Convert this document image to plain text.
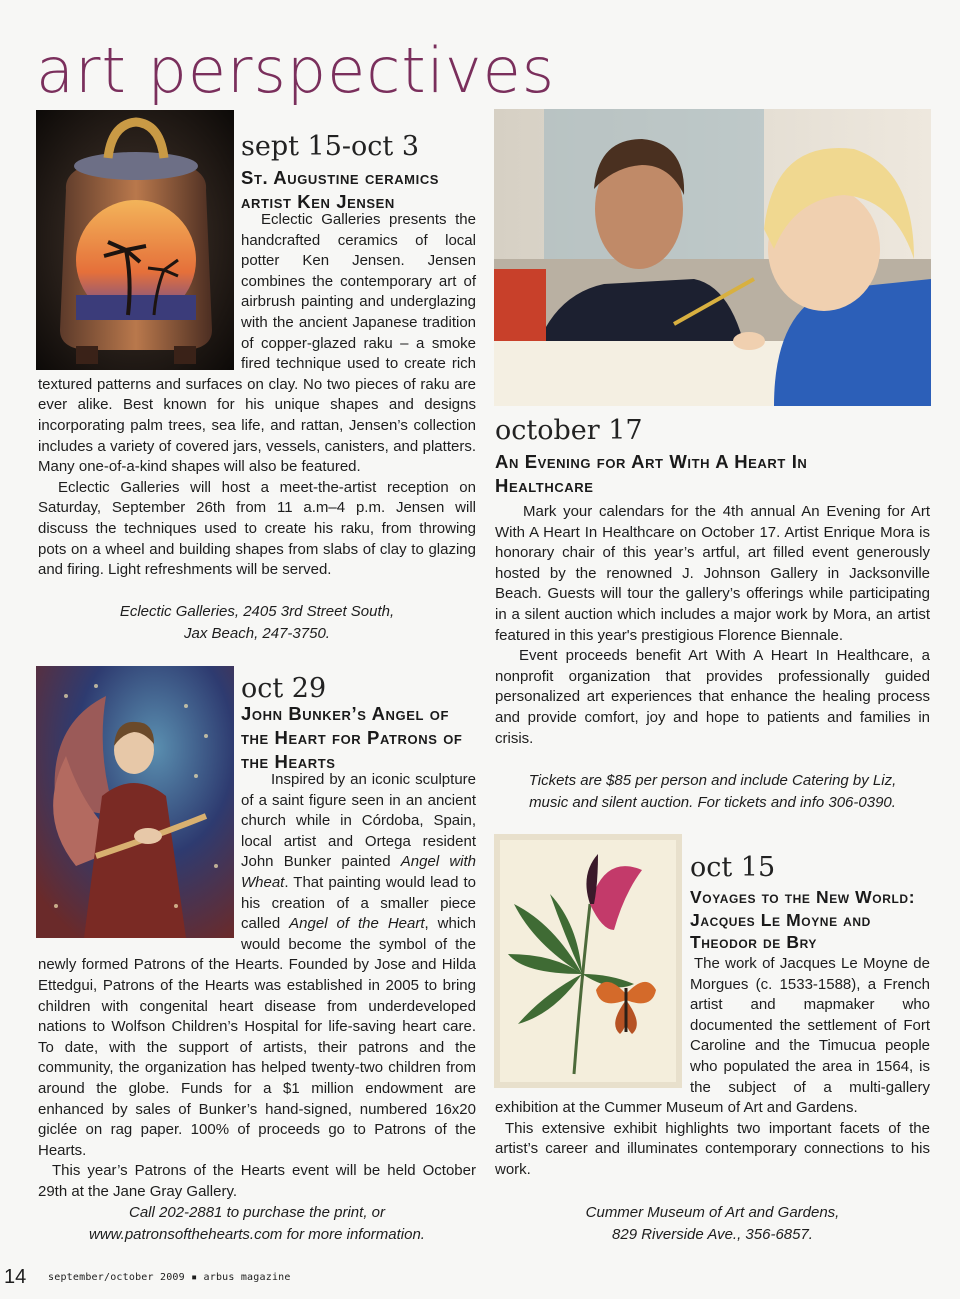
art perspectives
sept 15-oct 3
St. Augustine ceramics artist Ken Jensen

Eclectic Galleries presents the handcrafted ceramics of local potter Ken Jensen. Jensen combines the contemporary art of airbrush painting and underglazing with the ancient Japanese tradition of copper-glazed raku – a smoke fired technique used to create rich textured patterns and surfaces on clay. No two pieces of raku are ever alike. Best known for his unique shapes and designs incorporating palm trees, sea life, and rattan, Jensen’s collection includes a variety of covered jars, vessels, canisters, and platters. Many one-of-a-kind shapes will also be featured.

Eclectic Galleries will host a meet-the-artist reception on Saturday, September 26th from 11 a.m–4 p.m. Jensen will discuss the techniques used to create his raku, from throwing pots on a wheel and building shapes from slabs of clay to glazing and firing. Light refreshments will be served.

Eclectic Galleries, 2405 3rd Street South,
Jax Beach, 247-3750.
oct 29
John Bunker’s Angel of the Heart for Patrons of the Hearts

Inspired by an iconic sculpture of a saint figure seen in an ancient church while in Córdoba, Spain, local artist and Ortega resident John Bunker painted Angel with Wheat. That painting would lead to his creation of a smaller piece called Angel of the Heart, which would become the symbol of the newly formed Patrons of the Hearts. Founded by Jose and Hilda Ettedgui, Patrons of the Hearts was established in 2005 to bring children with congenital heart disease from underdeveloped nations to Wolfson Children’s Hospital for life-saving heart care. To date, with the support of artists, their patrons and the community, the organization has helped twenty-two children from around the globe. Funds for a $1 million endowment are enhanced by sales of Bunker’s hand-signed, numbered 16x20 giclée on rag paper. 100% of proceeds go to Patrons of the Hearts.

This year’s Patrons of the Hearts event will be held October 29th at the Jane Gray Gallery.

Call 202-2881 to purchase the print, or
www.patronsofthehearts.com for more information.
october 17
An Evening for Art With A Heart In Healthcare

Mark your calendars for the 4th annual An Evening for Art With A Heart In Healthcare on October 17. Artist Enrique Mora is honorary chair of this year’s artful, art filled event generously hosted by the renowned J. Johnson Gallery in Jacksonville Beach. Guests will tour the gallery’s offerings while participating in a silent auction which includes a major work by Mora, an artist featured in this year's prestigious Florence Biennale.

Event proceeds benefit Art With A Heart In Healthcare, a nonprofit organization that provides professionally guided personalized art experiences that enhance the healing process and provide comfort, joy and hope to patients and families in crisis.

Tickets are $85 per person and include Catering by Liz,
music and silent auction. For tickets and info 306-0390.
oct 15
Voyages to the New World: Jacques Le Moyne and Theodor de Bry

The work of Jacques Le Moyne de Morgues (c. 1533-1588), a French artist and mapmaker who documented the settlement of Fort Caroline and the Timucua people who populated the area in 1564, is the subject of a multi-gallery exhibition at the Cummer Museum of Art and Gardens.

This extensive exhibit highlights two important facets of the artist’s career and illuminates contemporary connections to his work.

Cummer Museum of Art and Gardens,
829 Riverside Ave., 356-6857.
14 september/october 2009 ▪ arbus magazine
